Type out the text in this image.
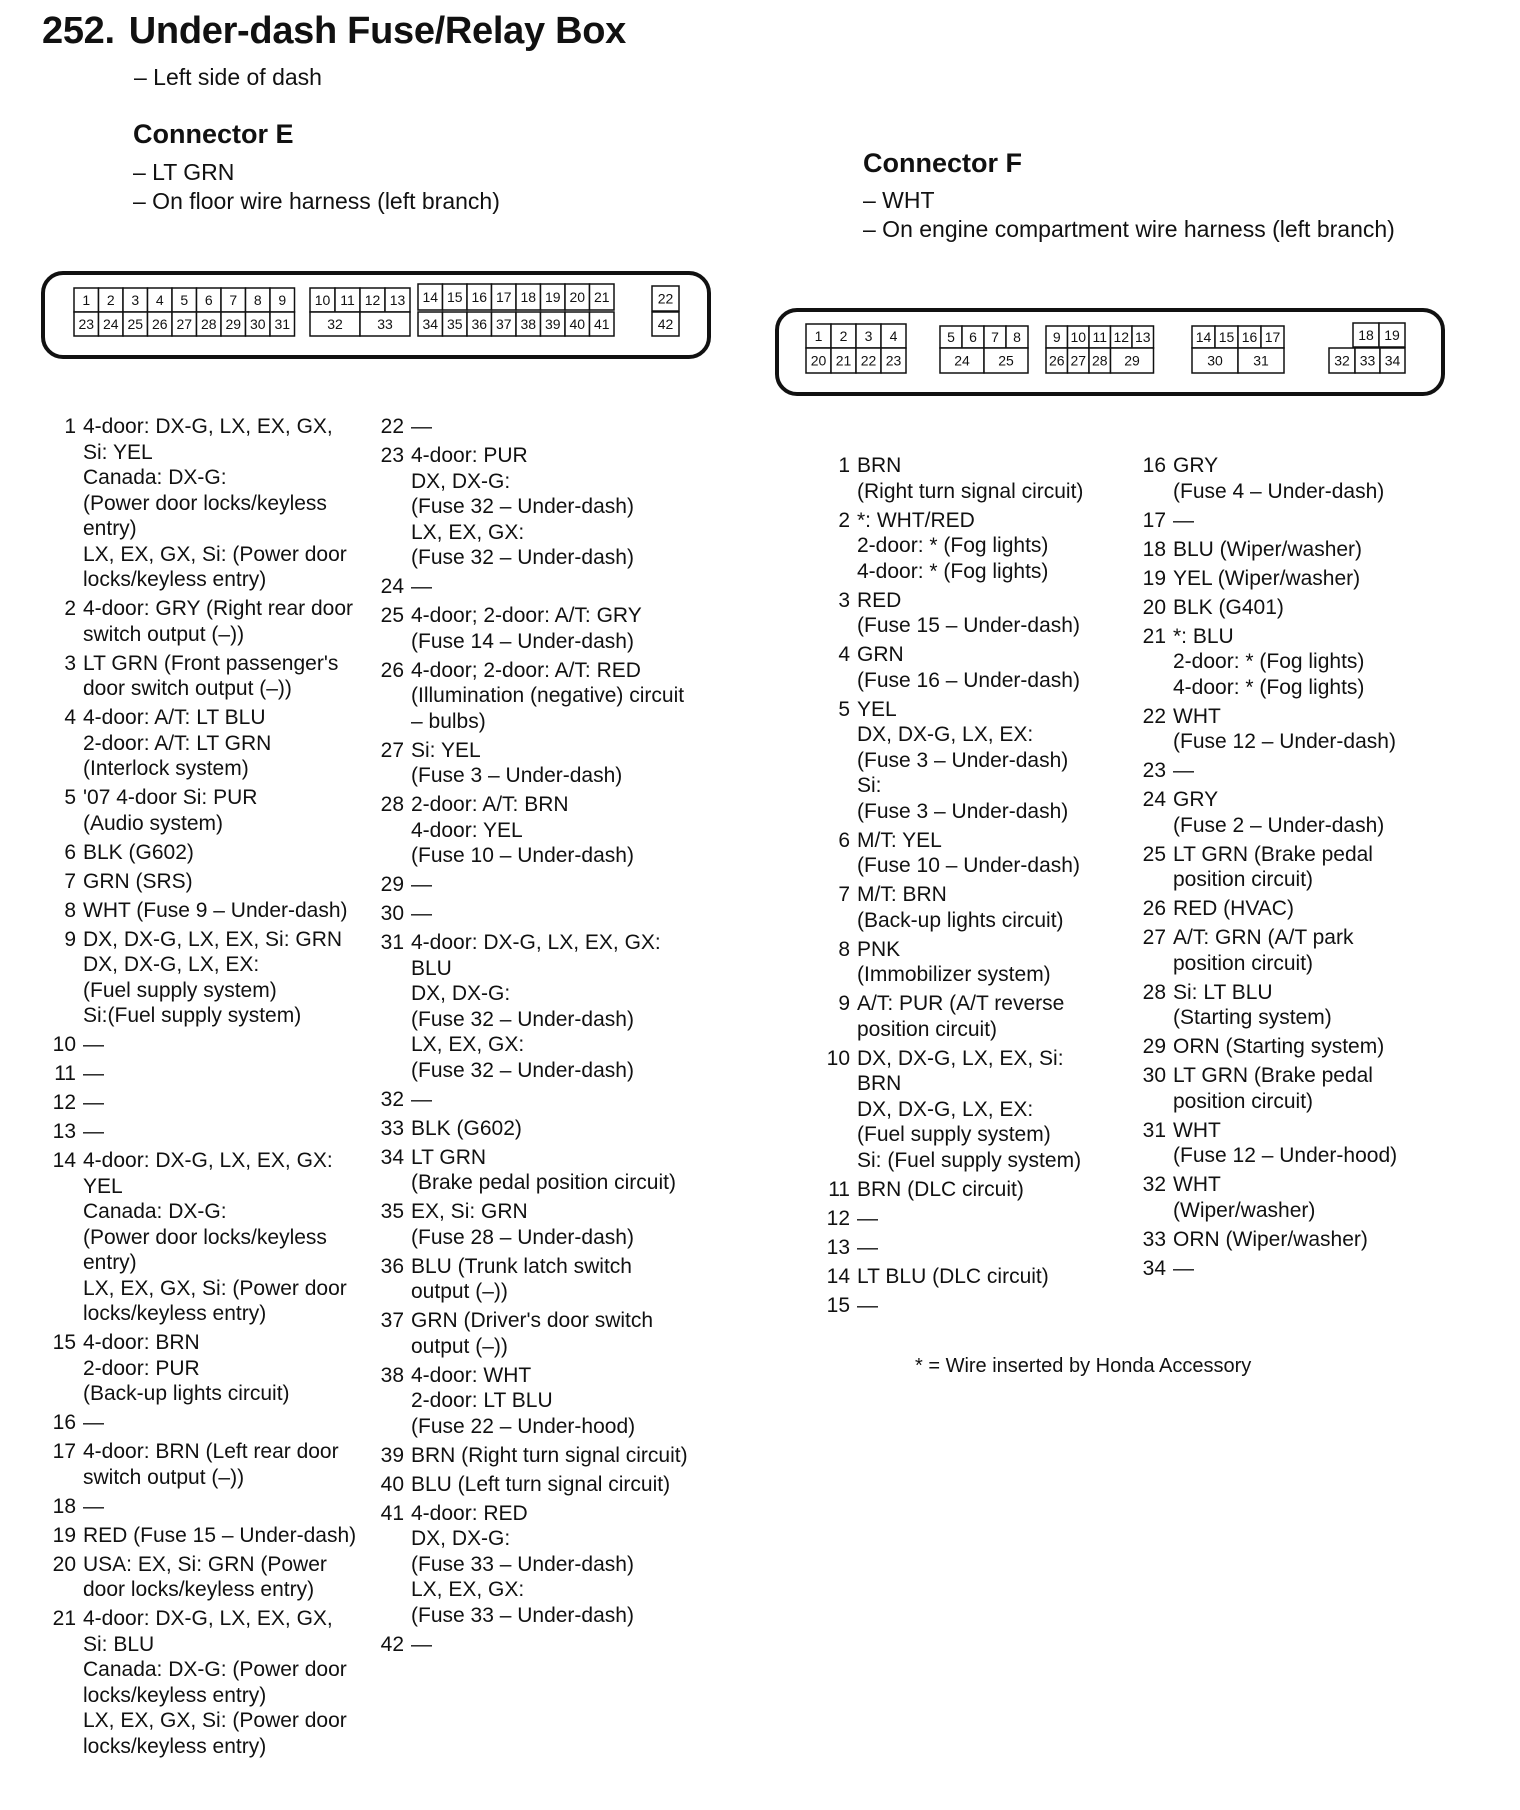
252. Under-dash Fuse/Relay Box
– Left side of dash
Connector E
– LT GRN
– On floor wire harness (left branch)
Connector F
– WHT
– On engine compartment wire harness (left branch)
1 2 3 4 5 6 7 8 9
23 24 25 26 27 28 29 30 31
10 11 12 13
32 33
14 15 16 17 18 19 20 21
34 35 36 37 38 39 40 41
22
42
1 2 3 4
20 21 22 23
5 6 7 8
24 25
9 10 11 12 13
26 27 28 29
14 15 16 17
30 31
18 19
32 33 34
1 4-door: DX-G, LX, EX, GX,
Si: YEL
Canada: DX-G:
(Power door locks/keyless
entry)
LX, EX, GX, Si: (Power door
locks/keyless entry)
2 4-door: GRY (Right rear door
switch output (–))
3 LT GRN (Front passenger's
door switch output (–))
4 4-door: A/T: LT BLU
2-door: A/T: LT GRN
(Interlock system)
5 '07 4-door Si: PUR
(Audio system)
6 BLK (G602)
7 GRN (SRS)
8 WHT (Fuse 9 – Under-dash)
9 DX, DX-G, LX, EX, Si: GRN
DX, DX-G, LX, EX:
(Fuel supply system)
Si:(Fuel supply system)
10 —
11 —
12 —
13 —
14 4-door: DX-G, LX, EX, GX:
YEL
Canada: DX-G:
(Power door locks/keyless
entry)
LX, EX, GX, Si: (Power door
locks/keyless entry)
15 4-door: BRN
2-door: PUR
(Back-up lights circuit)
16 —
17 4-door: BRN (Left rear door
switch output (–))
18 —
19 RED (Fuse 15 – Under-dash)
20 USA: EX, Si: GRN (Power
door locks/keyless entry)
21 4-door: DX-G, LX, EX, GX,
Si: BLU
Canada: DX-G: (Power door
locks/keyless entry)
LX, EX, GX, Si: (Power door
locks/keyless entry)
22 —
23 4-door: PUR
DX, DX-G:
(Fuse 32 – Under-dash)
LX, EX, GX:
(Fuse 32 – Under-dash)
24 —
25 4-door; 2-door: A/T: GRY
(Fuse 14 – Under-dash)
26 4-door; 2-door: A/T: RED
(Illumination (negative) circuit
– bulbs)
27 Si: YEL
(Fuse 3 – Under-dash)
28 2-door: A/T: BRN
4-door: YEL
(Fuse 10 – Under-dash)
29 —
30 —
31 4-door: DX-G, LX, EX, GX:
BLU
DX, DX-G:
(Fuse 32 – Under-dash)
LX, EX, GX:
(Fuse 32 – Under-dash)
32 —
33 BLK (G602)
34 LT GRN
(Brake pedal position circuit)
35 EX, Si: GRN
(Fuse 28 – Under-dash)
36 BLU (Trunk latch switch
output (–))
37 GRN (Driver's door switch
output (–))
38 4-door: WHT
2-door: LT BLU
(Fuse 22 – Under-hood)
39 BRN (Right turn signal circuit)
40 BLU (Left turn signal circuit)
41 4-door: RED
DX, DX-G:
(Fuse 33 – Under-dash)
LX, EX, GX:
(Fuse 33 – Under-dash)
42 —
1 BRN
(Right turn signal circuit)
2 *: WHT/RED
2-door: * (Fog lights)
4-door: * (Fog lights)
3 RED
(Fuse 15 – Under-dash)
4 GRN
(Fuse 16 – Under-dash)
5 YEL
DX, DX-G, LX, EX:
(Fuse 3 – Under-dash)
Si:
(Fuse 3 – Under-dash)
6 M/T: YEL
(Fuse 10 – Under-dash)
7 M/T: BRN
(Back-up lights circuit)
8 PNK
(Immobilizer system)
9 A/T: PUR (A/T reverse
position circuit)
10 DX, DX-G, LX, EX, Si:
BRN
DX, DX-G, LX, EX:
(Fuel supply system)
Si: (Fuel supply system)
11 BRN (DLC circuit)
12 —
13 —
14 LT BLU (DLC circuit)
15 —
16 GRY
(Fuse 4 – Under-dash)
17 —
18 BLU (Wiper/washer)
19 YEL (Wiper/washer)
20 BLK (G401)
21 *: BLU
2-door: * (Fog lights)
4-door: * (Fog lights)
22 WHT
(Fuse 12 – Under-dash)
23 —
24 GRY
(Fuse 2 – Under-dash)
25 LT GRN (Brake pedal
position circuit)
26 RED (HVAC)
27 A/T: GRN (A/T park
position circuit)
28 Si: LT BLU
(Starting system)
29 ORN (Starting system)
30 LT GRN (Brake pedal
position circuit)
31 WHT
(Fuse 12 – Under-hood)
32 WHT
(Wiper/washer)
33 ORN (Wiper/washer)
34 —
* = Wire inserted by Honda Accessory
